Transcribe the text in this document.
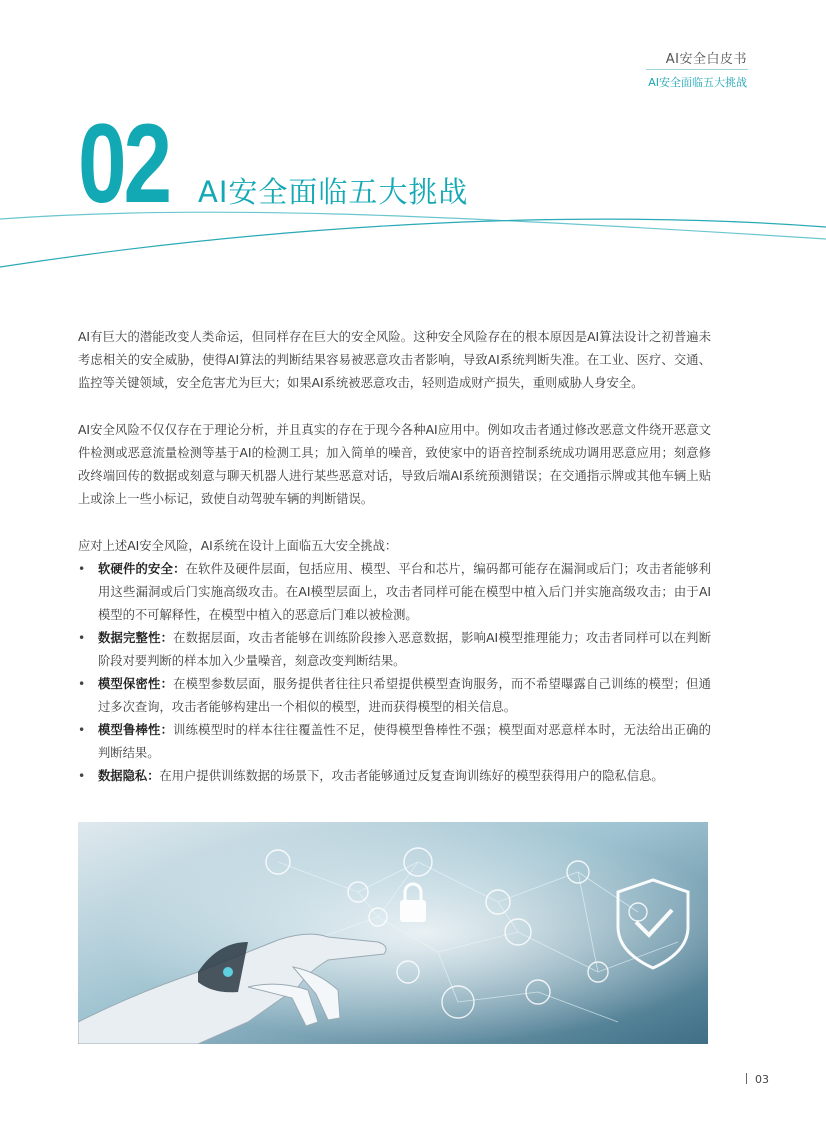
AI安全白皮书
AI安全面临五大挑战
02 AI安全面临五大挑战

AI有巨大的潜能改变人类命运，但同样存在巨大的安全风险。这种安全风险存在的根本原因是AI算法设计之初普遍未考虑相关的安全威胁，使得AI算法的判断结果容易被恶意攻击者影响，导致AI系统判断失准。在工业、医疗、交通、监控等关键领域，安全危害尤为巨大；如果AI系统被恶意攻击，轻则造成财产损失，重则威胁人身安全。

AI安全风险不仅仅存在于理论分析，并且真实的存在于现今各种AI应用中。例如攻击者通过修改恶意文件绕开恶意文件检测或恶意流量检测等基于AI的检测工具；加入简单的噪音，致使家中的语音控制系统成功调用恶意应用；刻意修改终端回传的数据或刻意与聊天机器人进行某些恶意对话，导致后端AI系统预测错误；在交通指示牌或其他车辆上贴上或涂上一些小标记，致使自动驾驶车辆的判断错误。

应对上述AI安全风险，AI系统在设计上面临五大安全挑战：

• 软硬件的安全：在软件及硬件层面，包括应用、模型、平台和芯片，编码都可能存在漏洞或后门；攻击者能够利用这些漏洞或后门实施高级攻击。在AI模型层面上，攻击者同样可能在模型中植入后门并实施高级攻击；由于AI模型的不可解释性，在模型中植入的恶意后门难以被检测。
• 数据完整性：在数据层面，攻击者能够在训练阶段掺入恶意数据，影响AI模型推理能力；攻击者同样可以在判断阶段对要判断的样本加入少量噪音，刻意改变判断结果。
• 模型保密性：在模型参数层面，服务提供者往往只希望提供模型查询服务，而不希望曝露自己训练的模型；但通过多次查询，攻击者能够构建出一个相似的模型，进而获得模型的相关信息。
• 模型鲁棒性：训练模型时的样本往往覆盖性不足，使得模型鲁棒性不强；模型面对恶意样本时，无法给出正确的判断结果。
• 数据隐私：在用户提供训练数据的场景下，攻击者能够通过反复查询训练好的模型获得用户的隐私信息。
03
